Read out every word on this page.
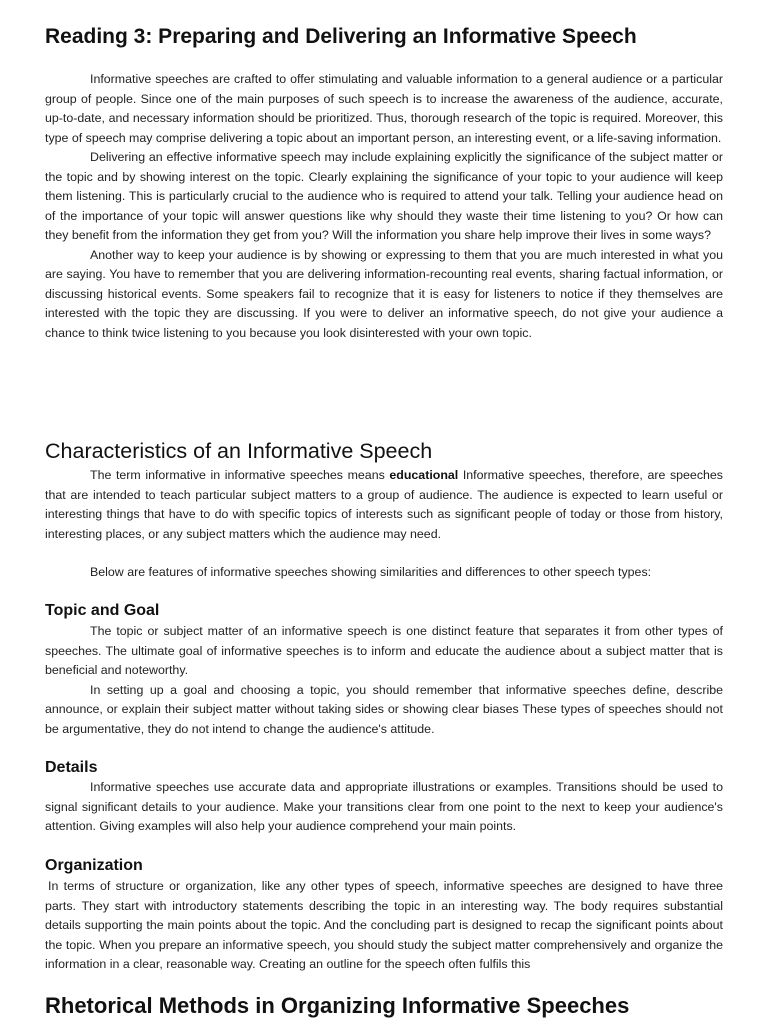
Reading 3: Preparing and Delivering an Informative Speech

Informative speeches are crafted to offer stimulating and valuable information to a general audience or a particular group of people. Since one of the main purposes of such speech is to increase the awareness of the audience, accurate, up-to-date, and necessary information should be prioritized. Thus, thorough research of the topic is required. Moreover, this type of speech may comprise delivering a topic about an important person, an interesting event, or a life-saving information.

Delivering an effective informative speech may include explaining explicitly the significance of the subject matter or the topic and by showing interest on the topic. Clearly explaining the significance of your topic to your audience will keep them listening. This is particularly crucial to the audience who is required to attend your talk. Telling your audience head on of the importance of your topic will answer questions like why should they waste their time listening to you? Or how can they benefit from the information they get from you? Will the information you share help improve their lives in some ways?

Another way to keep your audience is by showing or expressing to them that you are much interested in what you are saying. You have to remember that you are delivering information-recounting real events, sharing factual information, or discussing historical events. Some speakers fail to recognize that it is easy for listeners to notice if they themselves are interested with the topic they are discussing. If you were to deliver an informative speech, do not give your audience a chance to think twice listening to you because you look disinterested with your own topic.

Characteristics of an Informative Speech

The term informative in informative speeches means educational Informative speeches, therefore, are speeches that are intended to teach particular subject matters to a group of audience. The audience is expected to learn useful or interesting things that have to do with specific topics of interests such as significant people of today or those from history, interesting places, or any subject matters which the audience may need.

Below are features of informative speeches showing similarities and differences to other speech types:

Topic and Goal

The topic or subject matter of an informative speech is one distinct feature that separates it from other types of speeches. The ultimate goal of informative speeches is to inform and educate the audience about a subject matter that is beneficial and noteworthy.

In setting up a goal and choosing a topic, you should remember that informative speeches define, describe announce, or explain their subject matter without taking sides or showing clear biases These types of speeches should not be argumentative, they do not intend to change the audience's attitude.

Details

Informative speeches use accurate data and appropriate illustrations or examples. Transitions should be used to signal significant details to your audience. Make your transitions clear from one point to the next to keep your audience's attention. Giving examples will also help your audience comprehend your main points.

Organization

In terms of structure or organization, like any other types of speech, informative speeches are designed to have three parts. They start with introductory statements describing the topic in an interesting way. The body requires substantial details supporting the main points about the topic. And the concluding part is designed to recap the significant points about the topic. When you prepare an informative speech, you should study the subject matter comprehensively and organize the information in a clear, reasonable way. Creating an outline for the speech often fulfils this

Rhetorical Methods in Organizing Informative Speeches
